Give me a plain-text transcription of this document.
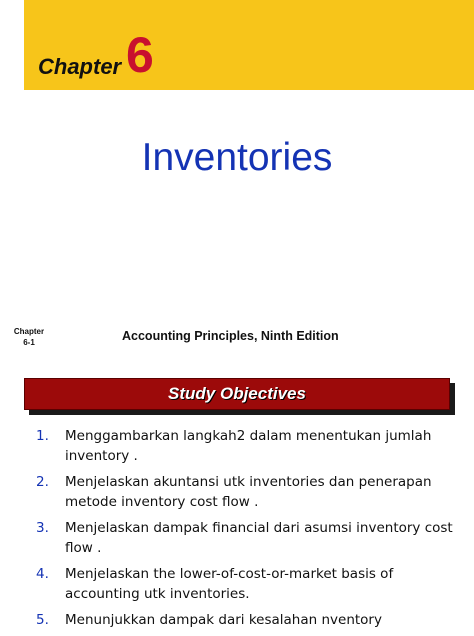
Chapter 6
Inventories
Chapter
6-1	Accounting Principles, Ninth Edition
Study Objectives
1. Menggambarkan langkah2 dalam menentukan jumlah inventory .
2. Menjelaskan akuntansi utk inventories dan penerapan metode inventory cost flow .
3. Menjelaskan dampak financial dari asumsi inventory cost flow .
4. Menjelaskan the lower-of-cost-or-market basis of accounting utk inventories.
5. Menunjukkan dampak dari kesalahan nventory
